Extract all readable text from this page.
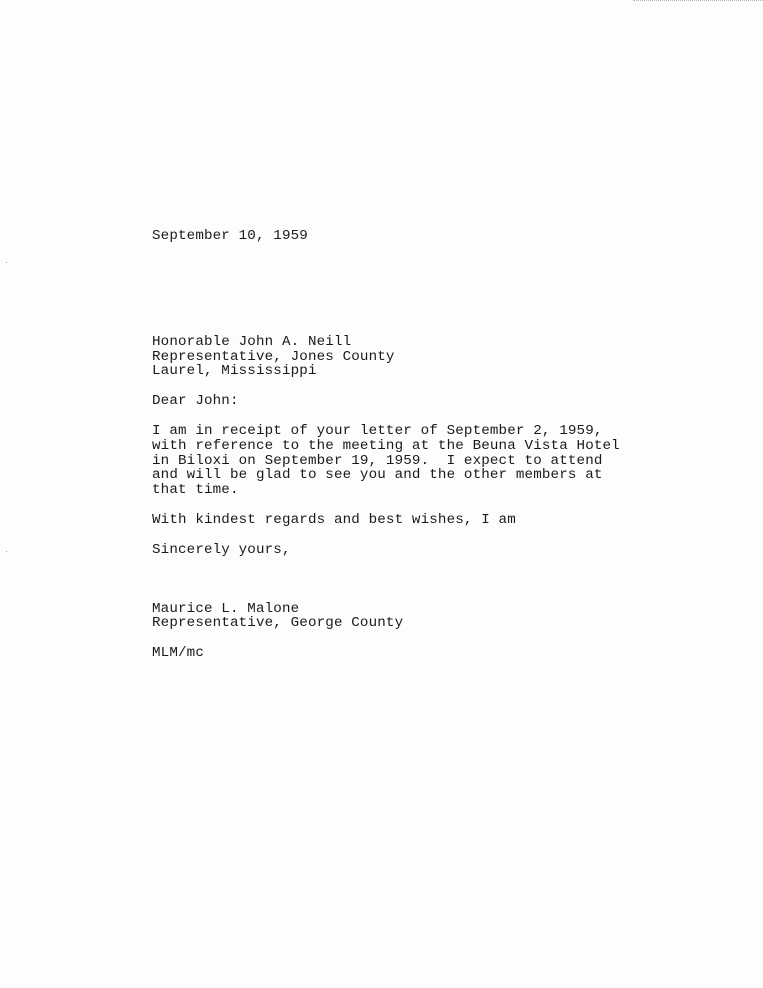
September 10, 1959
Honorable John A. Neill
Representative, Jones County
Laurel, Mississippi
Dear John:
I am in receipt of your letter of September 2, 1959,
with reference to the meeting at the Beuna Vista Hotel
in Biloxi on September 19, 1959.  I expect to attend
and will be glad to see you and the other members at
that time.
With kindest regards and best wishes, I am
Sincerely yours,
Maurice L. Malone
Representative, George County
MLM/mc
